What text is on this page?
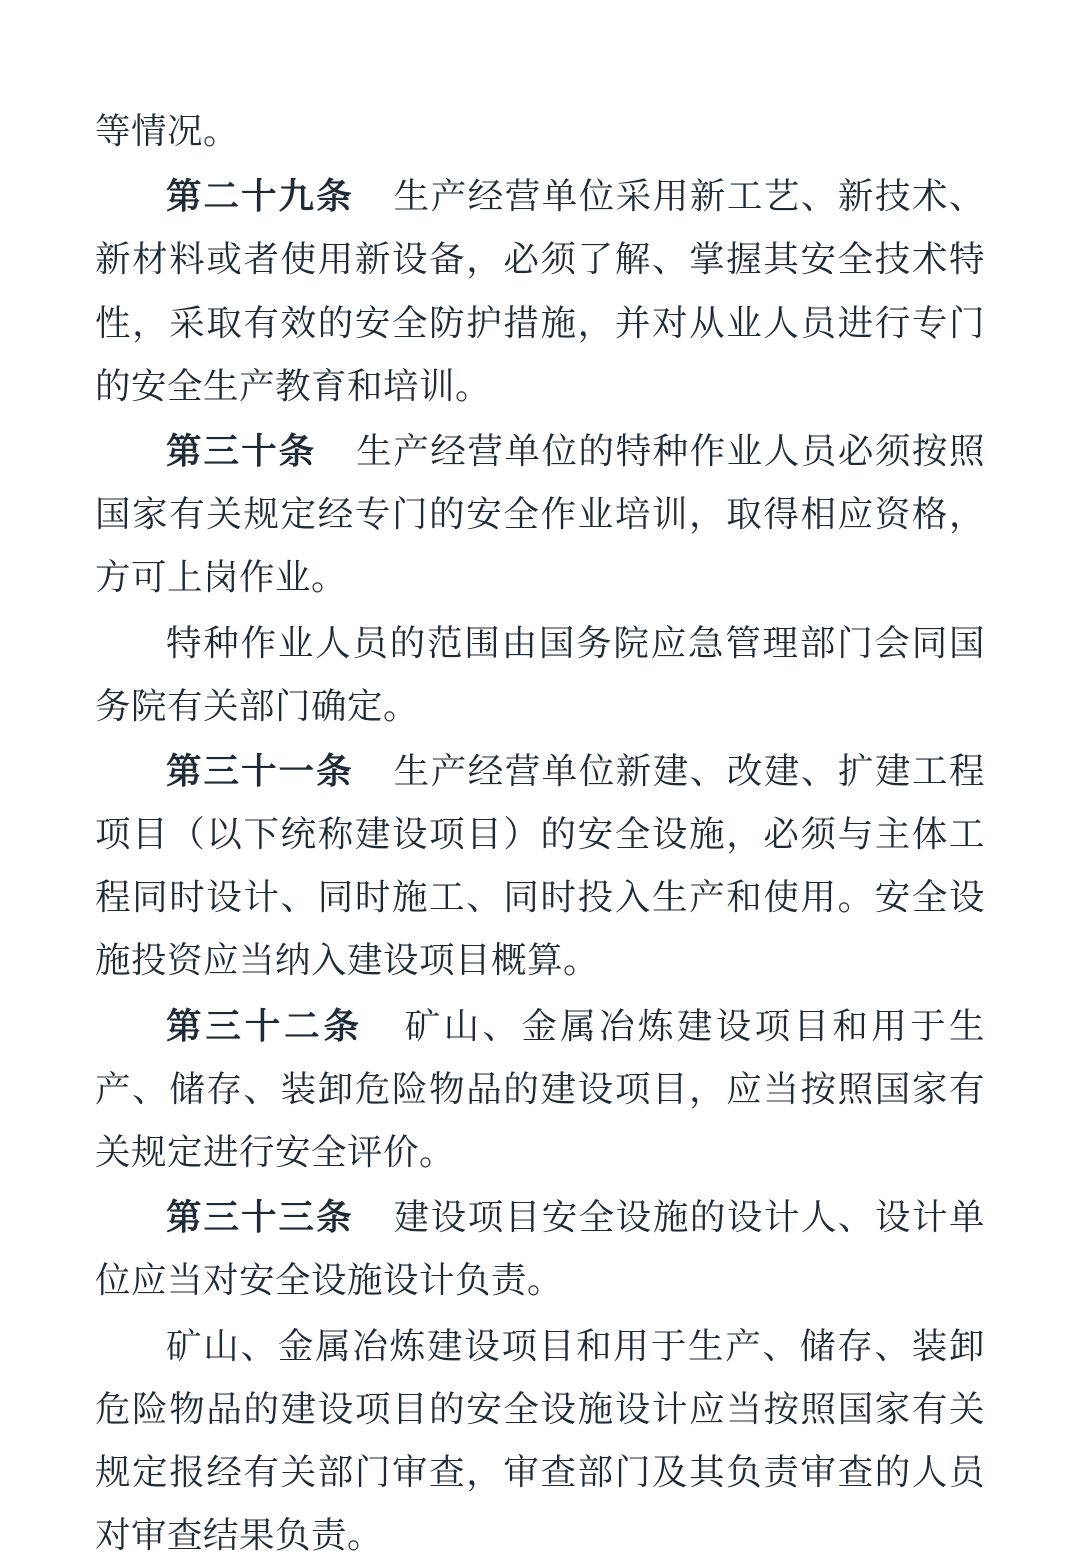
等情况。

第二十九条 生产经营单位采用新工艺、新技术、新材料或者使用新设备，必须了解、掌握其安全技术特性，采取有效的安全防护措施，并对从业人员进行专门的安全生产教育和培训。

第三十条 生产经营单位的特种作业人员必须按照国家有关规定经专门的安全作业培训，取得相应资格，方可上岗作业。

特种作业人员的范围由国务院应急管理部门会同国务院有关部门确定。

第三十一条 生产经营单位新建、改建、扩建工程项目（以下统称建设项目）的安全设施，必须与主体工程同时设计、同时施工、同时投入生产和使用。安全设施投资应当纳入建设项目概算。

第三十二条 矿山、金属冶炼建设项目和用于生产、储存、装卸危险物品的建设项目，应当按照国家有关规定进行安全评价。

第三十三条 建设项目安全设施的设计人、设计单位应当对安全设施设计负责。

矿山、金属冶炼建设项目和用于生产、储存、装卸危险物品的建设项目的安全设施设计应当按照国家有关规定报经有关部门审查，审查部门及其负责审查的人员对审查结果负责。
